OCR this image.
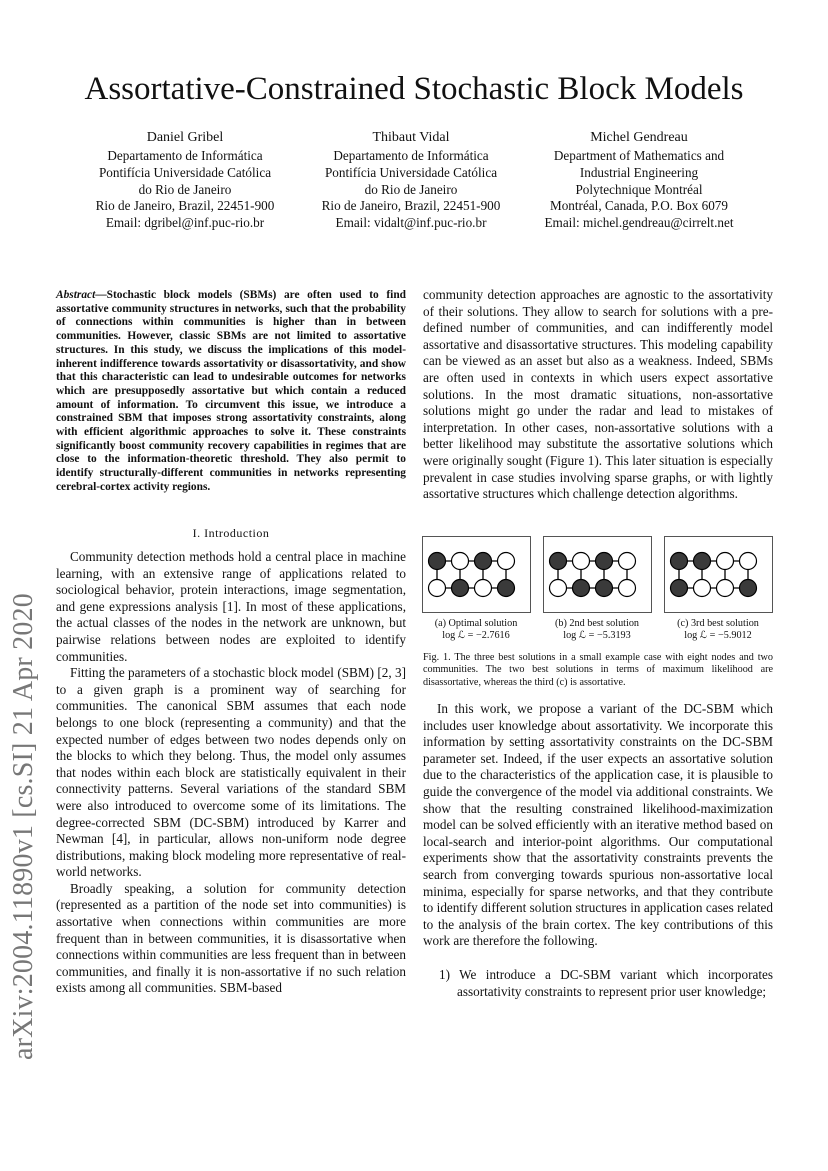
Assortative-Constrained Stochastic Block Models
Daniel Gribel
Departamento de Informática
Pontifícia Universidade Católica
do Rio de Janeiro
Rio de Janeiro, Brazil, 22451-900
Email: dgribel@inf.puc-rio.br
Thibaut Vidal
Departamento de Informática
Pontifícia Universidade Católica
do Rio de Janeiro
Rio de Janeiro, Brazil, 22451-900
Email: vidalt@inf.puc-rio.br
Michel Gendreau
Department of Mathematics and
Industrial Engineering
Polytechnique Montréal
Montréal, Canada, P.O. Box 6079
Email: michel.gendreau@cirrelt.net
arXiv:2004.11890v1 [cs.SI] 21 Apr 2020
Abstract—Stochastic block models (SBMs) are often used to find assortative community structures in networks, such that the probability of connections within communities is higher than in between communities. However, classic SBMs are not limited to assortative structures. In this study, we discuss the implications of this model-inherent indifference towards assortativity or disassortativity, and show that this characteristic can lead to undesirable outcomes for networks which are presupposedly assortative but which contain a reduced amount of information. To circumvent this issue, we introduce a constrained SBM that imposes strong assortativity constraints, along with efficient algorithmic approaches to solve it. These constraints significantly boost community recovery capabilities in regimes that are close to the information-theoretic threshold. They also permit to identify structurally-different communities in networks representing cerebral-cortex activity regions.
I. Introduction

Community detection methods hold a central place in machine learning, with an extensive range of applications related to sociological behavior, protein interactions, image segmentation, and gene expressions analysis [1]. In most of these applications, the actual classes of the nodes in the network are unknown, but pairwise relations between nodes are exploited to identify communities.

Fitting the parameters of a stochastic block model (SBM) [2, 3] to a given graph is a prominent way of searching for communities. The canonical SBM assumes that each node belongs to one block (representing a community) and that the expected number of edges between two nodes depends only on the blocks to which they belong. Thus, the model only assumes that nodes within each block are statistically equivalent in their connectivity patterns. Several variations of the standard SBM were also introduced to overcome some of its limitations. The degree-corrected SBM (DC-SBM) introduced by Karrer and Newman [4], in particular, allows non-uniform node degree distributions, making block modeling more representative of real-world networks.

Broadly speaking, a solution for community detection (represented as a partition of the node set into communities) is assortative when connections within communities are more frequent than in between communities, it is disassortative when connections within communities are less frequent than in between communities, and finally it is non-assortative if no such relation exists among all communities. SBM-based

community detection approaches are agnostic to the assortativity of their solutions. They allow to search for solutions with a pre-defined number of communities, and can indifferently model assortative and disassortative structures. This modeling capability can be viewed as an asset but also as a weakness. Indeed, SBMs are often used in contexts in which users expect assortative solutions. In the most dramatic situations, non-assortative solutions might go under the radar and lead to mistakes of interpretation. In other cases, non-assortative solutions with a better likelihood may substitute the assortative solutions which were originally sought (Figure 1). This later situation is especially prevalent in case studies involving sparse graphs, or with lightly assortative structures which challenge detection algorithms.

(a) Optimal solution
log ℒ = −2.7616
(b) 2nd best solution
log ℒ = −5.3193
(c) 3rd best solution
log ℒ = −5.9012
Fig. 1. The three best solutions in a small example case with eight nodes and two communities. The two best solutions in terms of maximum likelihood are disassortative, whereas the third (c) is assortative.

In this work, we propose a variant of the DC-SBM which includes user knowledge about assortativity. We incorporate this information by setting assortativity constraints on the DC-SBM parameter set. Indeed, if the user expects an assortative solution due to the characteristics of the application case, it is plausible to guide the convergence of the model via additional constraints. We show that the resulting constrained likelihood-maximization model can be solved efficiently with an iterative method based on local-search and interior-point algorithms. Our computational experiments show that the assortativity constraints prevents the search from converging towards spurious non-assortative local minima, especially for sparse networks, and that they contribute to identify different solution structures in application cases related to the analysis of the brain cortex. The key contributions of this work are therefore the following.

1) We introduce a DC-SBM variant which incorporates assortativity constraints to represent prior user knowledge;
